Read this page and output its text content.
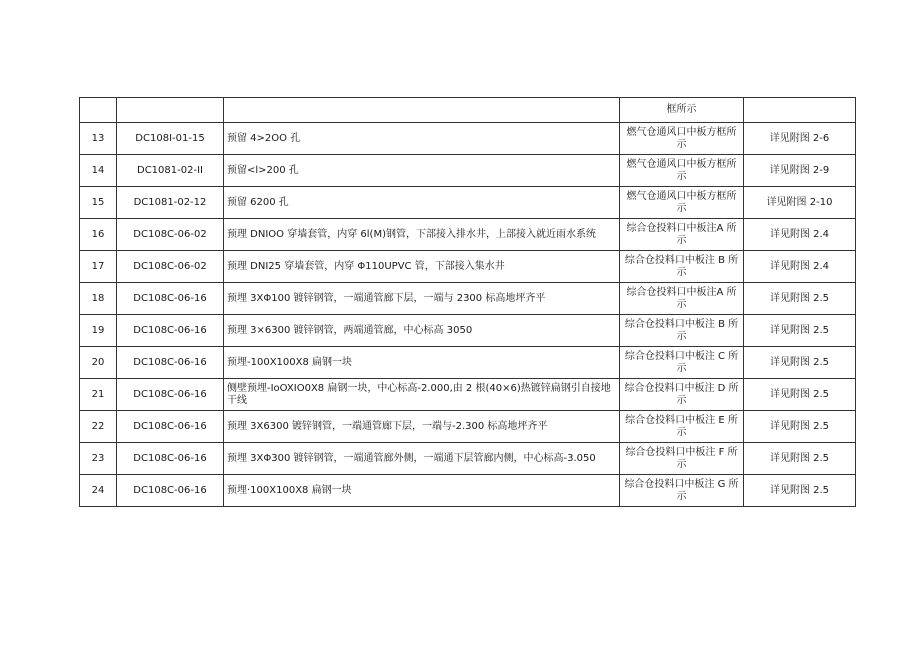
			框所示	
13	DC108I-01-15	预留 4>2OO 孔	燃气仓通风口中板方框所示	详见附图 2-6
14	DC1081-02-II	预留<l>200 孔	燃气仓通风口中板方框所示	详见附图 2-9
15	DC1081-02-12	预留 6200 孔	燃气仓通风口中板方框所示	详见附图 2-10
16	DC108C-06-02	预理 DNIOO 穿墙套管，内穿 6l(M)钢管，下部接入排水井，上部接入就近雨水系统	综合仓投料口中板注A 所示	详见附图 2.4
17	DC108C-06-02	预理 DNI25 穿墙套管，内穿 Φ110UPVC 管，下部接入集水井	综合仓投料口中板注 B 所示	详见附图 2.4
18	DC108C-06-16	预埋 3XΦ100 镀锌钢管，一端通管廊下层，一端与 2300 标高地坪齐平	综合仓投料口中板注A 所示	详见附图 2.5
19	DC108C-06-16	预理 3×6300 镀锌钢管，两端通管廊，中心标高 3050	综合仓投料口中板注 B 所示	详见附图 2.5
20	DC108C-06-16	预埋-100X100X8 扁钢一块	综合仓投料口中板注 C 所示	详见附图 2.5
21	DC108C-06-16	侧壁预埋-IoOXIO0X8 扁钢一块，中心标高-2.000,由 2 根(40×6)热镀锌扁钢引自接地干线	综合仓投料口中板注 D 所示	详见附图 2.5
22	DC108C-06-16	预理 3X6300 镀锌钢管，一端通管廊下层，一端与-2.300 标高地坪齐平	综合仓投料口中板注 E 所示	详见附图 2.5
23	DC108C-06-16	预埋 3XΦ300 镀锌钢管，一端通管廊外侧，一端通下层管廊内侧，中心标高-3.050	综合仓投料口中板注 F 所示	详见附图 2.5
24	DC108C-06-16	预埋·100X100X8 扁钢一块	综合仓投料口中板注 G 所示	详见附图 2.5
